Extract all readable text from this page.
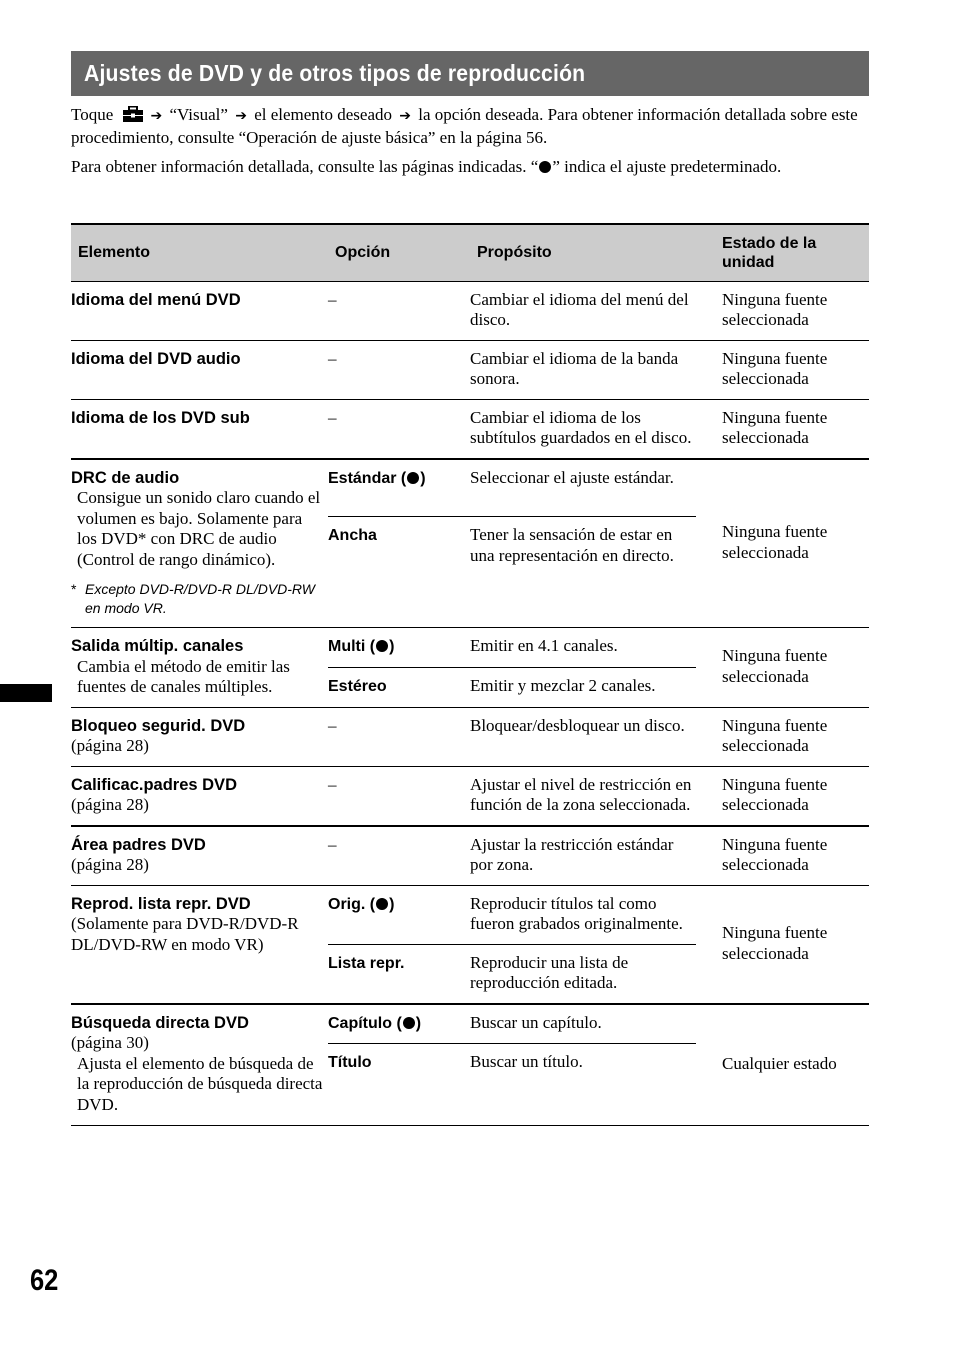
Ajustes de DVD y de otros tipos de reproducción

Toque	➔ “Visual” ➔ el elemento deseado ➔ la opción deseada. Para obtener información detallada sobre este procedimiento, consulte “Operación de ajuste básica” en la página 56.

Para obtener información detallada, consulte las páginas indicadas. “ ” indica el ajuste predeterminado.

Elemento	Opción	Propósito	Estado de la unidad

Idioma del menú DVD	–	Cambiar el idioma del menú del disco.	Ninguna fuente seleccionada

Idioma del DVD audio	–	Cambiar el idioma de la banda sonora.	Ninguna fuente seleccionada

Idioma de los DVD sub	–	Cambiar el idioma de los subtítulos guardados en el disco.	Ninguna fuente seleccionada

DRC de audio
Consigue un sonido claro cuando el volumen es bajo. Solamente para los DVD* con DRC de audio (Control de rango dinámico).
* Excepto DVD-R/DVD-R DL/DVD-RW en modo VR.	Estándar ( )	Seleccionar el ajuste estándar.	Ninguna fuente seleccionada
	Ancha	Tener la sensación de estar en una representación en directo.	

Salida múltip. canales
Cambia el método de emitir las fuentes de canales múltiples.	Multi ( )	Emitir en 4.1 canales.	Ninguna fuente seleccionada
	Estéreo	Emitir y mezclar 2 canales.	

Bloqueo segurid. DVD
(página 28)	–	Bloquear/desbloquear un disco.	Ninguna fuente seleccionada

Calificac.padres DVD
(página 28)	–	Ajustar el nivel de restricción en función de la zona seleccionada.	Ninguna fuente seleccionada

Área padres DVD
(página 28)	–	Ajustar la restricción estándar por zona.	Ninguna fuente seleccionada

Reprod. lista repr. DVD
(Solamente para DVD-R/DVD-R DL/DVD-RW en modo VR)	Orig. ( )	Reproducir títulos tal como fueron grabados originalmente.	Ninguna fuente seleccionada
	Lista repr.	Reproducir una lista de reproducción editada.	

Búsqueda directa DVD
(página 30)
Ajusta el elemento de búsqueda de la reproducción de búsqueda directa DVD.	Capítulo ( )	Buscar un capítulo.	Cualquier estado
	Título	Buscar un título.	
62
